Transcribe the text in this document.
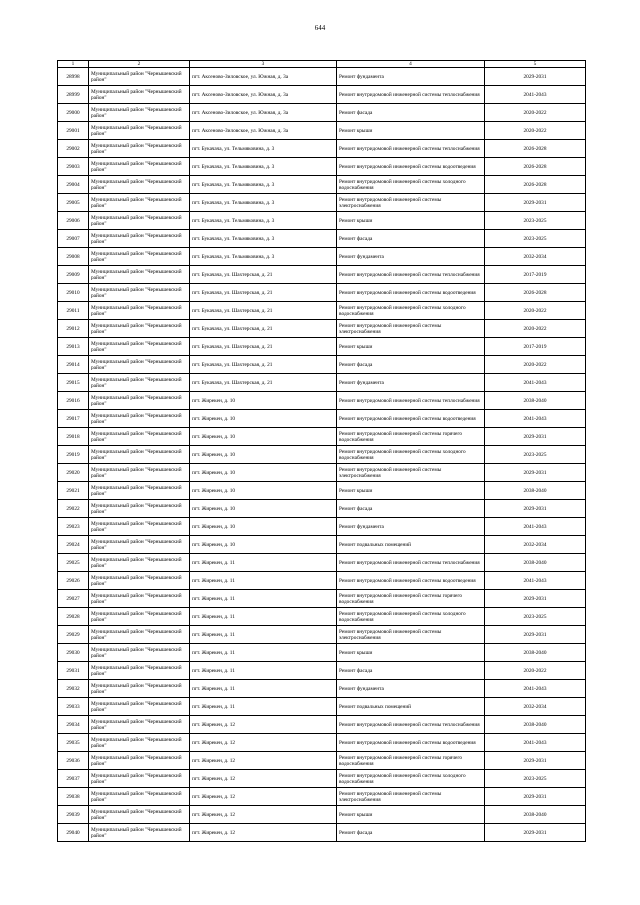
644
1	2	3	4	5
28998	Муниципальный район "Чернышевский район"	пгт. Аксеново-Зиловское, ул. Южная, д. 3а	Ремонт фундамента	2029-2031
28999	Муниципальный район "Чернышевский район"	пгт. Аксеново-Зиловское, ул. Южная, д. 3а	Ремонт внутридомовой инженерной системы теплоснабжения	2041-2043
29000	Муниципальный район "Чернышевский район"	пгт. Аксеново-Зиловское, ул. Южная, д. 3а	Ремонт фасада	2020-2022
29001	Муниципальный район "Чернышевский район"	пгт. Аксеново-Зиловское, ул. Южная, д. 3а	Ремонт крыши	2020-2022
29002	Муниципальный район "Чернышевский район"	пгт. Букачача, ул. Тельмяковина, д. 3	Ремонт внутридомовой инженерной системы теплоснабжения	2026-2028
29003	Муниципальный район "Чернышевский район"	пгт. Букачача, ул. Тельмяковина, д. 3	Ремонт внутридомовой инженерной системы водоотведения	2026-2028
29004	Муниципальный район "Чернышевский район"	пгт. Букачача, ул. Тельмяковина, д. 3	Ремонт внутридомовой инженерной системы холодного водоснабжения	2026-2028
29005	Муниципальный район "Чернышевский район"	пгт. Букачача, ул. Тельмяковина, д. 3	Ремонт внутридомовой инженерной системы электроснабжения	2029-2031
29006	Муниципальный район "Чернышевский район"	пгт. Букачача, ул. Тельмяковина, д. 3	Ремонт крыши	2023-2025
29007	Муниципальный район "Чернышевский район"	пгт. Букачача, ул. Тельмяковина, д. 3	Ремонт фасада	2023-2025
29008	Муниципальный район "Чернышевский район"	пгт. Букачача, ул. Тельмяковина, д. 3	Ремонт фундамента	2032-2034
29009	Муниципальный район "Чернышевский район"	пгт. Букачача, ул. Шахтерская, д. 21	Ремонт внутридомовой инженерной системы теплоснабжения	2017-2019
29010	Муниципальный район "Чернышевский район"	пгт. Букачача, ул. Шахтерская, д. 21	Ремонт внутридомовой инженерной системы водоотведения	2026-2028
29011	Муниципальный район "Чернышевский район"	пгт. Букачача, ул. Шахтерская, д. 21	Ремонт внутридомовой инженерной системы холодного водоснабжения	2020-2022
29012	Муниципальный район "Чернышевский район"	пгт. Букачача, ул. Шахтерская, д. 21	Ремонт внутридомовой инженерной системы электроснабжения	2020-2022
29013	Муниципальный район "Чернышевский район"	пгт. Букачача, ул. Шахтерская, д. 21	Ремонт крыши	2017-2019
29014	Муниципальный район "Чернышевский район"	пгт. Букачача, ул. Шахтерская, д. 21	Ремонт фасада	2020-2022
29015	Муниципальный район "Чернышевский район"	пгт. Букачача, ул. Шахтерская, д. 21	Ремонт фундамента	2041-2043
29016	Муниципальный район "Чернышевский район"	пгт. Жирекен, д. 10	Ремонт внутридомовой инженерной системы теплоснабжения	2038-2040
29017	Муниципальный район "Чернышевский район"	пгт. Жирекен, д. 10	Ремонт внутридомовой инженерной системы водоотведения	2041-2043
29018	Муниципальный район "Чернышевский район"	пгт. Жирекен, д. 10	Ремонт внутридомовой инженерной системы горячего водоснабжения	2029-2031
29019	Муниципальный район "Чернышевский район"	пгт. Жирекен, д. 10	Ремонт внутридомовой инженерной системы холодного водоснабжения	2023-2025
29020	Муниципальный район "Чернышевский район"	пгт. Жирекен, д. 10	Ремонт внутридомовой инженерной системы электроснабжения	2029-2031
29021	Муниципальный район "Чернышевский район"	пгт. Жирекен, д. 10	Ремонт крыши	2038-2040
29022	Муниципальный район "Чернышевский район"	пгт. Жирекен, д. 10	Ремонт фасада	2029-2031
29023	Муниципальный район "Чернышевский район"	пгт. Жирекен, д. 10	Ремонт фундамента	2041-2043
29024	Муниципальный район "Чернышевский район"	пгт. Жирекен, д. 10	Ремонт подвальных помещений	2032-2034
29025	Муниципальный район "Чернышевский район"	пгт. Жирекен, д. 11	Ремонт внутридомовой инженерной системы теплоснабжения	2038-2040
29026	Муниципальный район "Чернышевский район"	пгт. Жирекен, д. 11	Ремонт внутридомовой инженерной системы водоотведения	2041-2043
29027	Муниципальный район "Чернышевский район"	пгт. Жирекен, д. 11	Ремонт внутридомовой инженерной системы горячего водоснабжения	2029-2031
29028	Муниципальный район "Чернышевский район"	пгт. Жирекен, д. 11	Ремонт внутридомовой инженерной системы холодного водоснабжения	2023-2025
29029	Муниципальный район "Чернышевский район"	пгт. Жирекен, д. 11	Ремонт внутридомовой инженерной системы электроснабжения	2029-2031
29030	Муниципальный район "Чернышевский район"	пгт. Жирекен, д. 11	Ремонт крыши	2038-2040
29031	Муниципальный район "Чернышевский район"	пгт. Жирекен, д. 11	Ремонт фасада	2020-2022
29032	Муниципальный район "Чернышевский район"	пгт. Жирекен, д. 11	Ремонт фундамента	2041-2043
29033	Муниципальный район "Чернышевский район"	пгт. Жирекен, д. 11	Ремонт подвальных помещений	2032-2034
29034	Муниципальный район "Чернышевский район"	пгт. Жирекен, д. 12	Ремонт внутридомовой инженерной системы теплоснабжения	2038-2040
29035	Муниципальный район "Чернышевский район"	пгт. Жирекен, д. 12	Ремонт внутридомовой инженерной системы водоотведения	2041-2043
29036	Муниципальный район "Чернышевский район"	пгт. Жирекен, д. 12	Ремонт внутридомовой инженерной системы горячего водоснабжения	2029-2031
29037	Муниципальный район "Чернышевский район"	пгт. Жирекен, д. 12	Ремонт внутридомовой инженерной системы холодного водоснабжения	2023-2025
29038	Муниципальный район "Чернышевский район"	пгт. Жирекен, д. 12	Ремонт внутридомовой инженерной системы электроснабжения	2029-2031
29039	Муниципальный район "Чернышевский район"	пгт. Жирекен, д. 12	Ремонт крыши	2038-2040
29040	Муниципальный район "Чернышевский район"	пгт. Жирекен, д. 12	Ремонт фасада	2029-2031
